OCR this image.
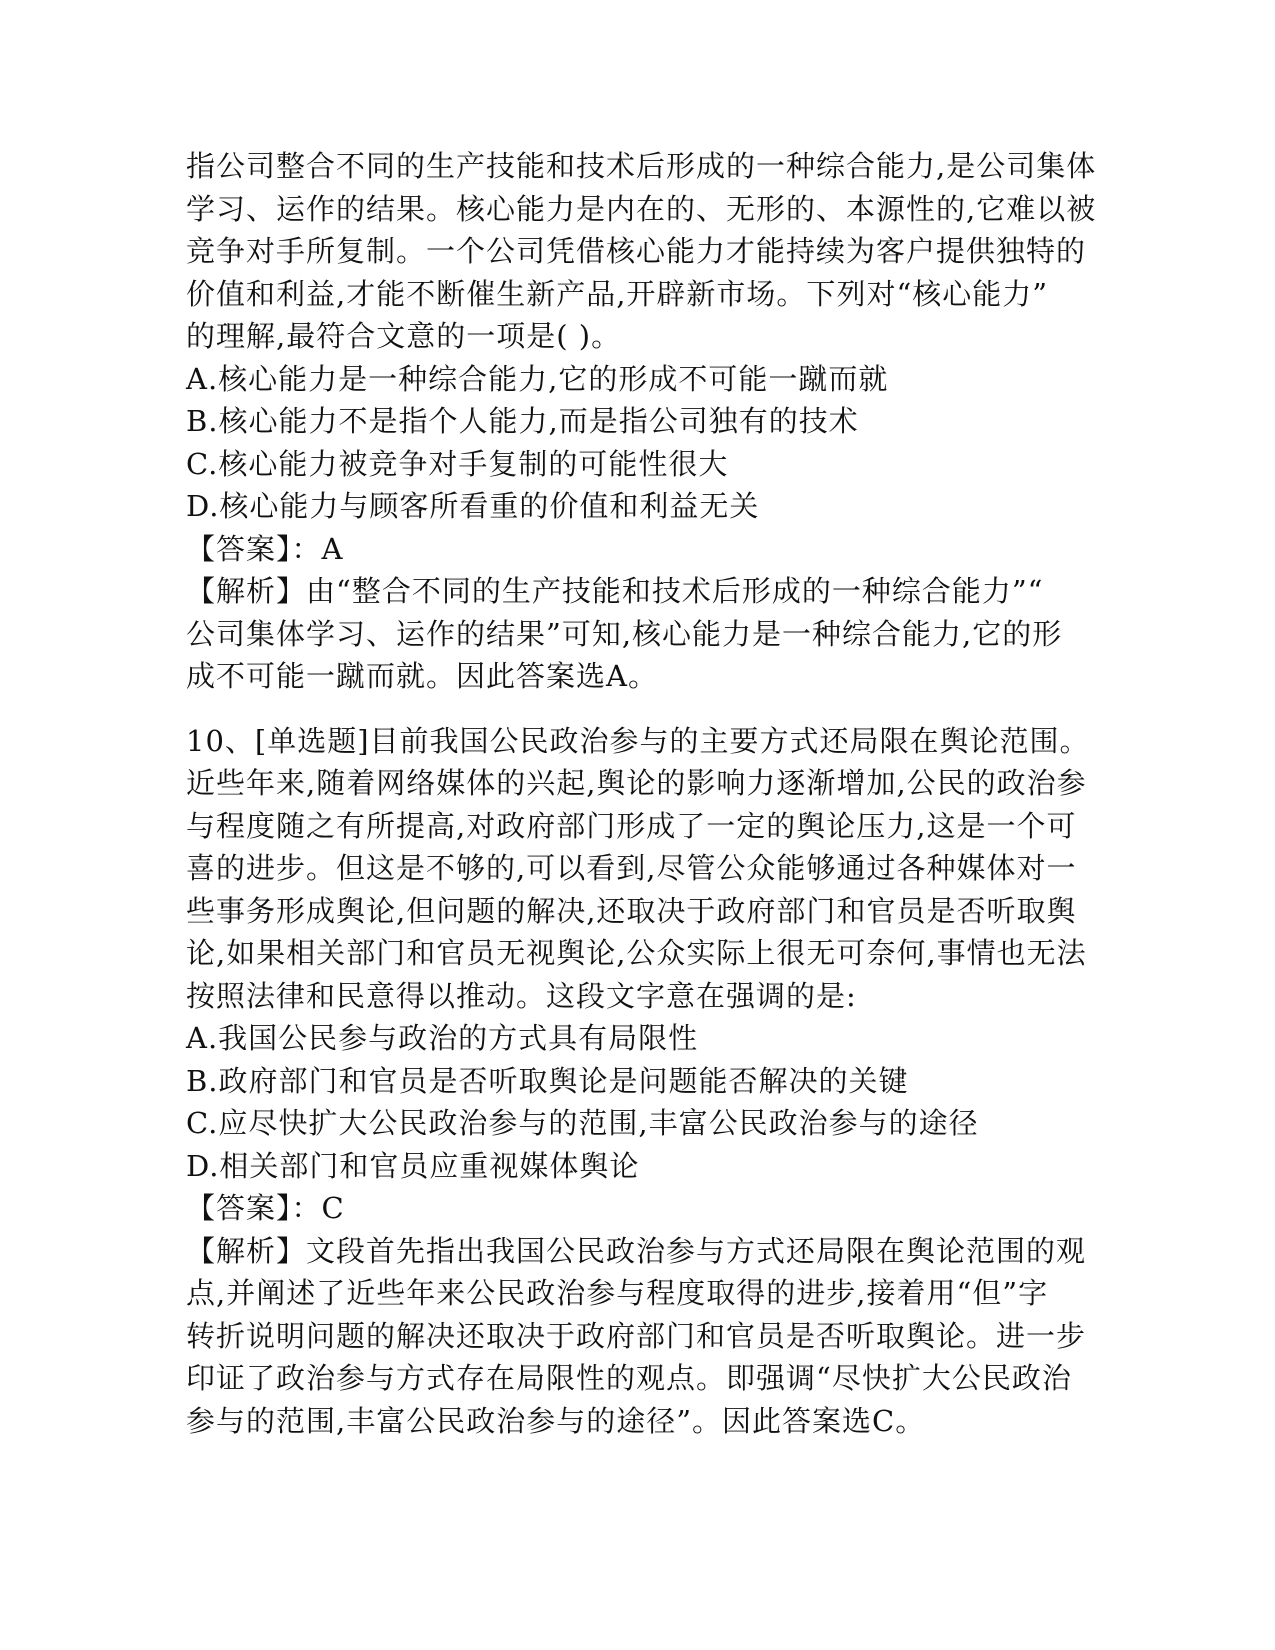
指公司整合不同的生产技能和技术后形成的一种综合能力,是公司集体
学习、运作的结果。核心能力是内在的、无形的、本源性的,它难以被
竞争对手所复制。一个公司凭借核心能力才能持续为客户提供独特的
价值和利益,才能不断催生新产品,开辟新市场。下列对“核心能力”
的理解,最符合文意的一项是( )。
A.核心能力是一种综合能力,它的形成不可能一蹴而就
B.核心能力不是指个人能力,而是指公司独有的技术
C.核心能力被竞争对手复制的可能性很大
D.核心能力与顾客所看重的价值和利益无关
【答案】：A
【解析】由“整合不同的生产技能和技术后形成的一种综合能力”“
公司集体学习、运作的结果”可知,核心能力是一种综合能力,它的形
成不可能一蹴而就。因此答案选A。
10、[单选题]目前我国公民政治参与的主要方式还局限在舆论范围。
近些年来,随着网络媒体的兴起,舆论的影响力逐渐增加,公民的政治参
与程度随之有所提高,对政府部门形成了一定的舆论压力,这是一个可
喜的进步。但这是不够的,可以看到,尽管公众能够通过各种媒体对一
些事务形成舆论,但问题的解决,还取决于政府部门和官员是否听取舆
论,如果相关部门和官员无视舆论,公众实际上很无可奈何,事情也无法
按照法律和民意得以推动。这段文字意在强调的是:
A.我国公民参与政治的方式具有局限性
B.政府部门和官员是否听取舆论是问题能否解决的关键
C.应尽快扩大公民政治参与的范围,丰富公民政治参与的途径
D.相关部门和官员应重视媒体舆论
【答案】：C
【解析】文段首先指出我国公民政治参与方式还局限在舆论范围的观
点,并阐述了近些年来公民政治参与程度取得的进步,接着用“但”字
转折说明问题的解决还取决于政府部门和官员是否听取舆论。进一步
印证了政治参与方式存在局限性的观点。即强调“尽快扩大公民政治
参与的范围,丰富公民政治参与的途径”。因此答案选C。
